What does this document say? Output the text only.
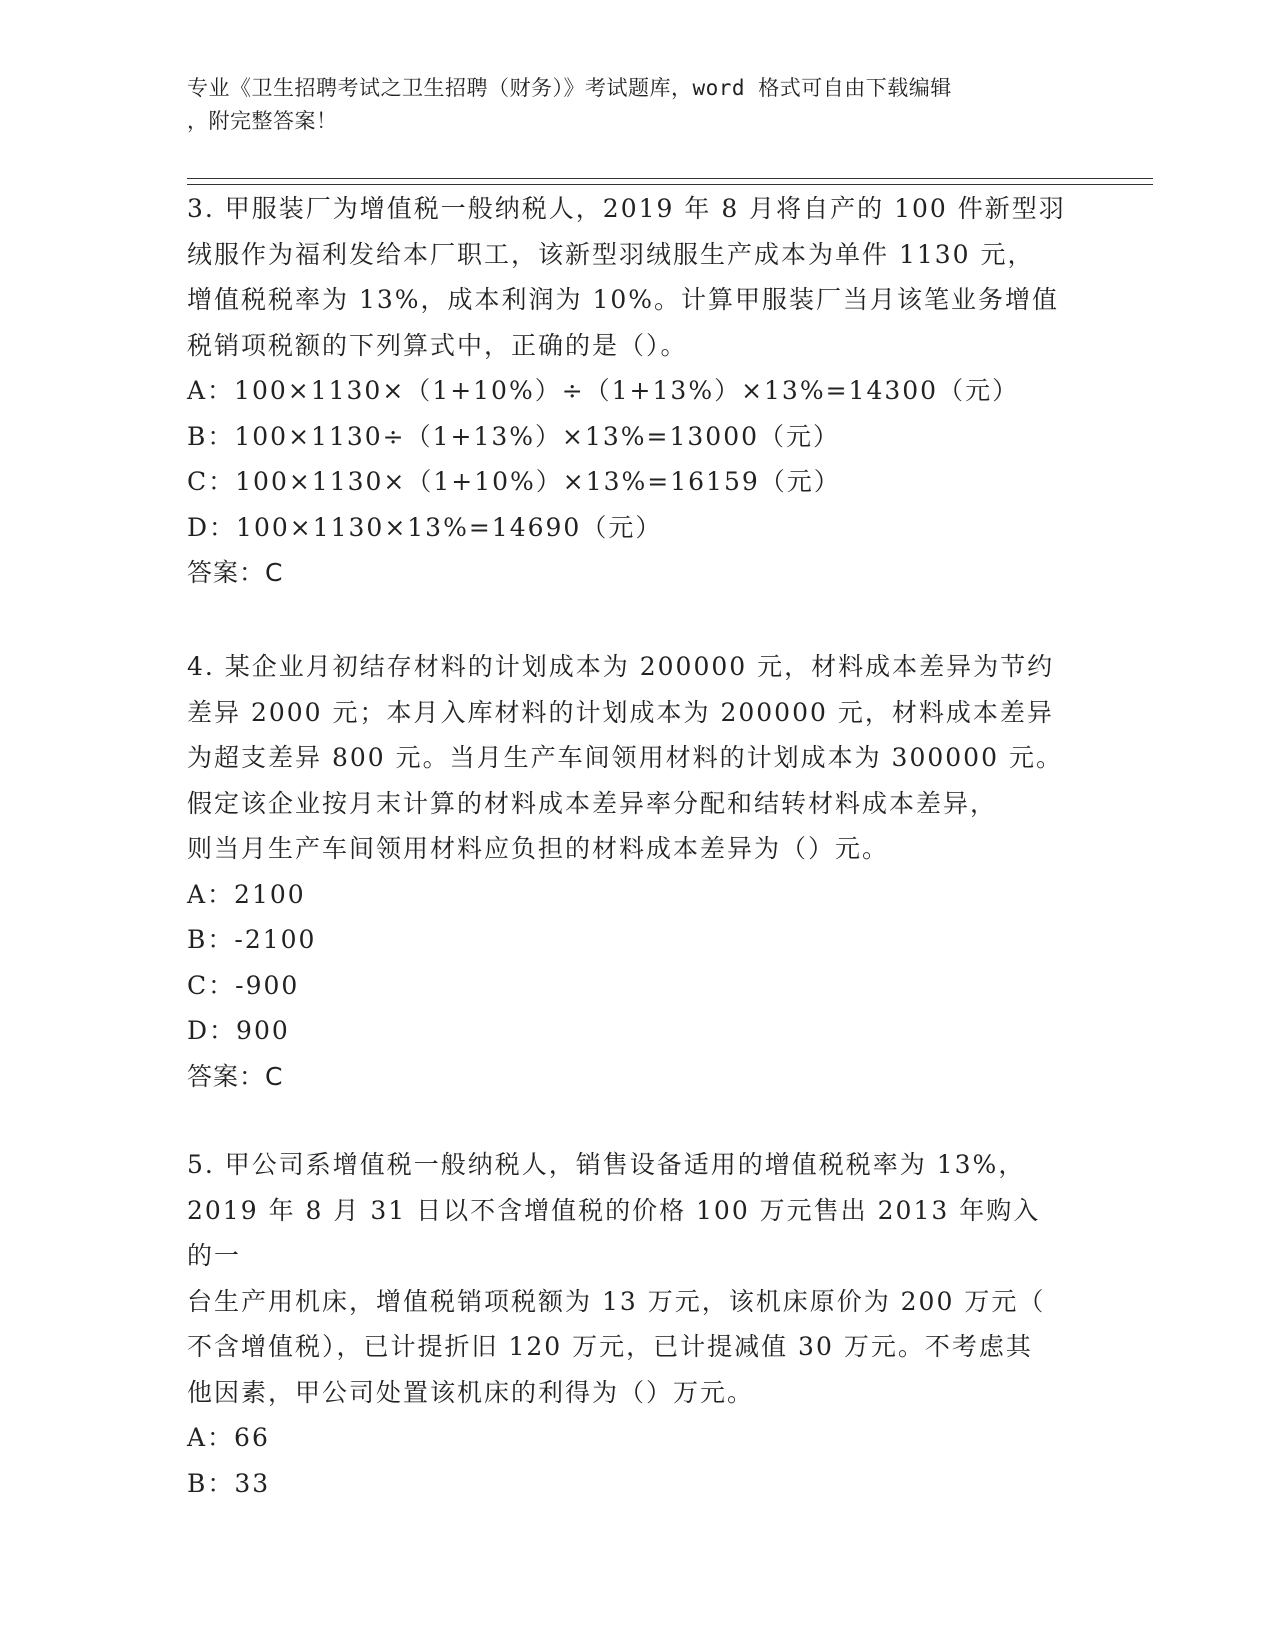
专业《卫生招聘考试之卫生招聘（财务）》考试题库，word 格式可自由下载编辑
，附完整答案！

3. 甲服装厂为增值税一般纳税人，2019 年 8 月将自产的 100 件新型羽

绒服作为福利发给本厂职工，该新型羽绒服生产成本为单件 1130 元，

增值税税率为 13%，成本利润为 10%。计算甲服装厂当月该笔业务增值

税销项税额的下列算式中，正确的是（）。

A：100×1130×（1+10%）÷（1+13%）×13%=14300（元）

B：100×1130÷（1+13%）×13%=13000（元）

C：100×1130×（1+10%）×13%=16159（元）

D：100×1130×13%=14690（元）

答案：C

4. 某企业月初结存材料的计划成本为 200000 元，材料成本差异为节约

差异 2000 元；本月入库材料的计划成本为 200000 元，材料成本差异

为超支差异 800 元。当月生产车间领用材料的计划成本为 300000 元。

假定该企业按月末计算的材料成本差异率分配和结转材料成本差异，

则当月生产车间领用材料应负担的材料成本差异为（）元。

A：2100

B：-2100

C：-900

D：900

答案：C

5. 甲公司系增值税一般纳税人，销售设备适用的增值税税率为 13%，

2019 年 8 月 31 日以不含增值税的价格 100 万元售出 2013 年购入的一

台生产用机床，增值税销项税额为 13 万元，该机床原价为 200 万元（

不含增值税），已计提折旧 120 万元，已计提减值 30 万元。不考虑其

他因素，甲公司处置该机床的利得为（）万元。

A：66

B：33
